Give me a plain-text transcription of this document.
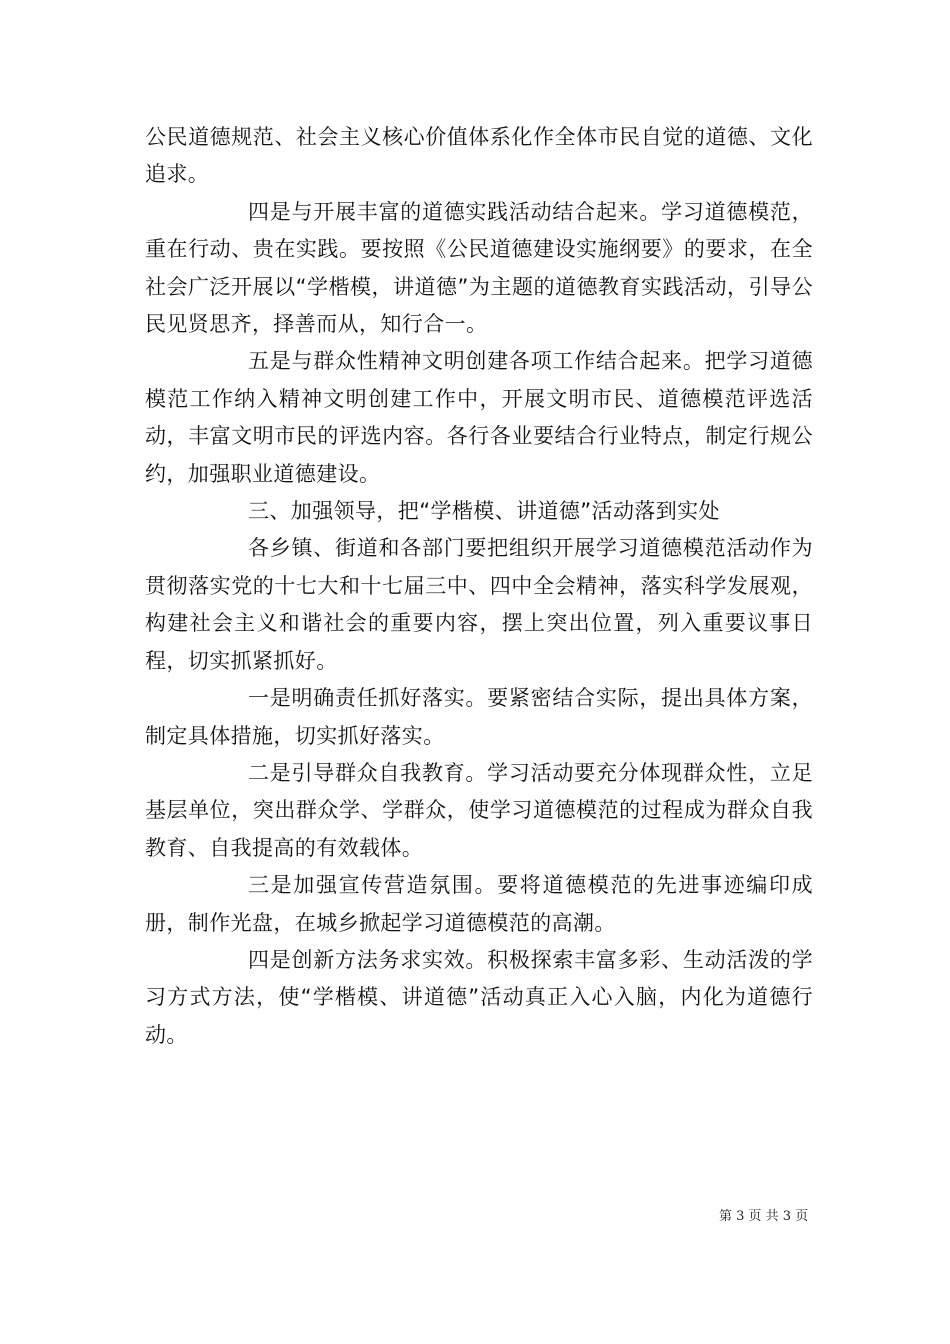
公民道德规范、社会主义核心价值体系化作全体市民自觉的道德、文化追求。

四是与开展丰富的道德实践活动结合起来。学习道德模范，重在行动、贵在实践。要按照《公民道德建设实施纲要》的要求，在全社会广泛开展以“学楷模，讲道德”为主题的道德教育实践活动，引导公民见贤思齐，择善而从，知行合一。

五是与群众性精神文明创建各项工作结合起来。把学习道德模范工作纳入精神文明创建工作中，开展文明市民、道德模范评选活动，丰富文明市民的评选内容。各行各业要结合行业特点，制定行规公约，加强职业道德建设。

三、加强领导，把“学楷模、讲道德”活动落到实处

各乡镇、街道和各部门要把组织开展学习道德模范活动作为贯彻落实党的十七大和十七届三中、四中全会精神，落实科学发展观，构建社会主义和谐社会的重要内容，摆上突出位置，列入重要议事日程，切实抓紧抓好。

一是明确责任抓好落实。要紧密结合实际，提出具体方案，制定具体措施，切实抓好落实。

二是引导群众自我教育。学习活动要充分体现群众性，立足基层单位，突出群众学、学群众，使学习道德模范的过程成为群众自我教育、自我提高的有效载体。

三是加强宣传营造氛围。要将道德模范的先进事迹编印成册，制作光盘，在城乡掀起学习道德模范的高潮。

四是创新方法务求实效。积极探索丰富多彩、生动活泼的学习方式方法，使“学楷模、讲道德”活动真正入心入脑，内化为道德行动。

第 3 页 共 3 页
